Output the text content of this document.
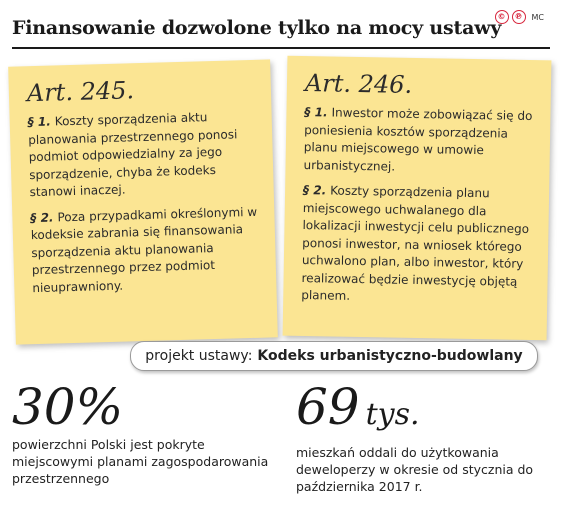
Finansowanie dozwolone tylko na mocy ustawy
©	℗	MC
Art. 245.

§ 1. Koszty sporządzenia aktu planowania przestrzennego ponosi podmiot odpowiedzialny za jego sporządzenie, chyba że kodeks stanowi inaczej.

§ 2. Poza przypadkami określonymi w kodeksie zabrania się finansowania sporządzenia aktu planowania przestrzennego przez podmiot nieuprawniony.

Art. 246.

§ 1. Inwestor może zobowiązać się do poniesienia kosztów sporządzenia planu miejscowego w umowie urbanistycznej.

§ 2. Koszty sporządzenia planu miejscowego uchwalanego dla lokalizacji inwestycji celu publicznego ponosi inwestor, na wniosek którego uchwalono plan, albo inwestor, który realizować będzie inwestycję objętą planem.

projekt ustawy: Kodeks urbanistyczno-budowlany
30%
powierzchni Polski jest pokryte miejscowymi planami zagospodarowania przestrzennego
69 tys.
mieszkań oddali do użytkowania deweloperzy w okresie od stycznia do października 2017 r.
